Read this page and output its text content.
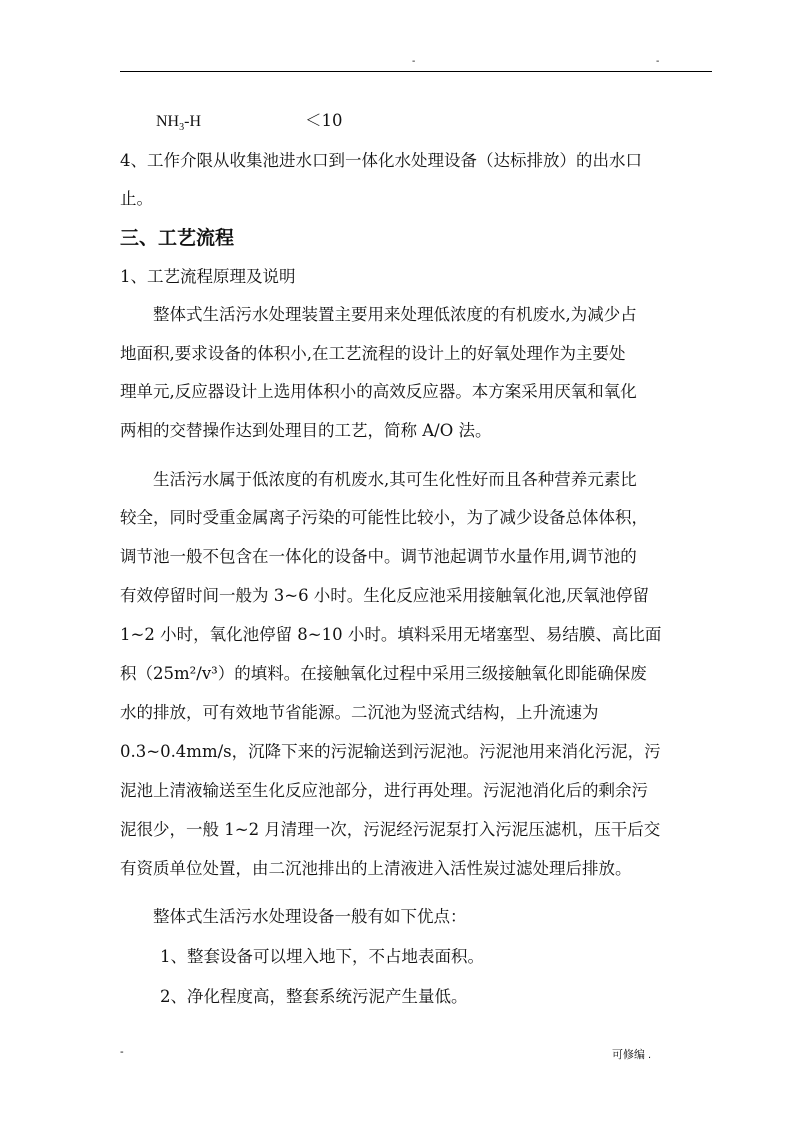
-	-
$NH_3-H$	＜10
4、工作介限从收集池进水口到一体化水处理设备（达标排放）的出水口
止。
三、工艺流程
1、工艺流程原理及说明
整体式生活污水处理装置主要用来处理低浓度的有机废水,为减少占
地面积,要求设备的体积小,在工艺流程的设计上的好氧处理作为主要处
理单元,反应器设计上选用体积小的高效反应器。本方案采用厌氧和氧化
两相的交替操作达到处理目的工艺，简称 A/O 法。
生活污水属于低浓度的有机废水,其可生化性好而且各种营养元素比
较全，同时受重金属离子污染的可能性比较小，为了减少设备总体体积，
调节池一般不包含在一体化的设备中。调节池起调节水量作用,调节池的
有效停留时间一般为 3~6 小时。生化反应池采用接触氧化池,厌氧池停留
1~2 小时，氧化池停留 8~10 小时。填料采用无堵塞型、易结膜、高比面
积（25m²/v³）的填料。在接触氧化过程中采用三级接触氧化即能确保废
水的排放，可有效地节省能源。二沉池为竖流式结构，上升流速为
0.3~0.4mm/s，沉降下来的污泥输送到污泥池。污泥池用来消化污泥，污
泥池上清液输送至生化反应池部分，进行再处理。污泥池消化后的剩余污
泥很少，一般 1~2 月清理一次，污泥经污泥泵打入污泥压滤机，压干后交
有资质单位处置，由二沉池排出的上清液进入活性炭过滤处理后排放。
整体式生活污水处理设备一般有如下优点：
1、整套设备可以埋入地下，不占地表面积。
2、净化程度高，整套系统污泥产生量低。
-	可修编 .
